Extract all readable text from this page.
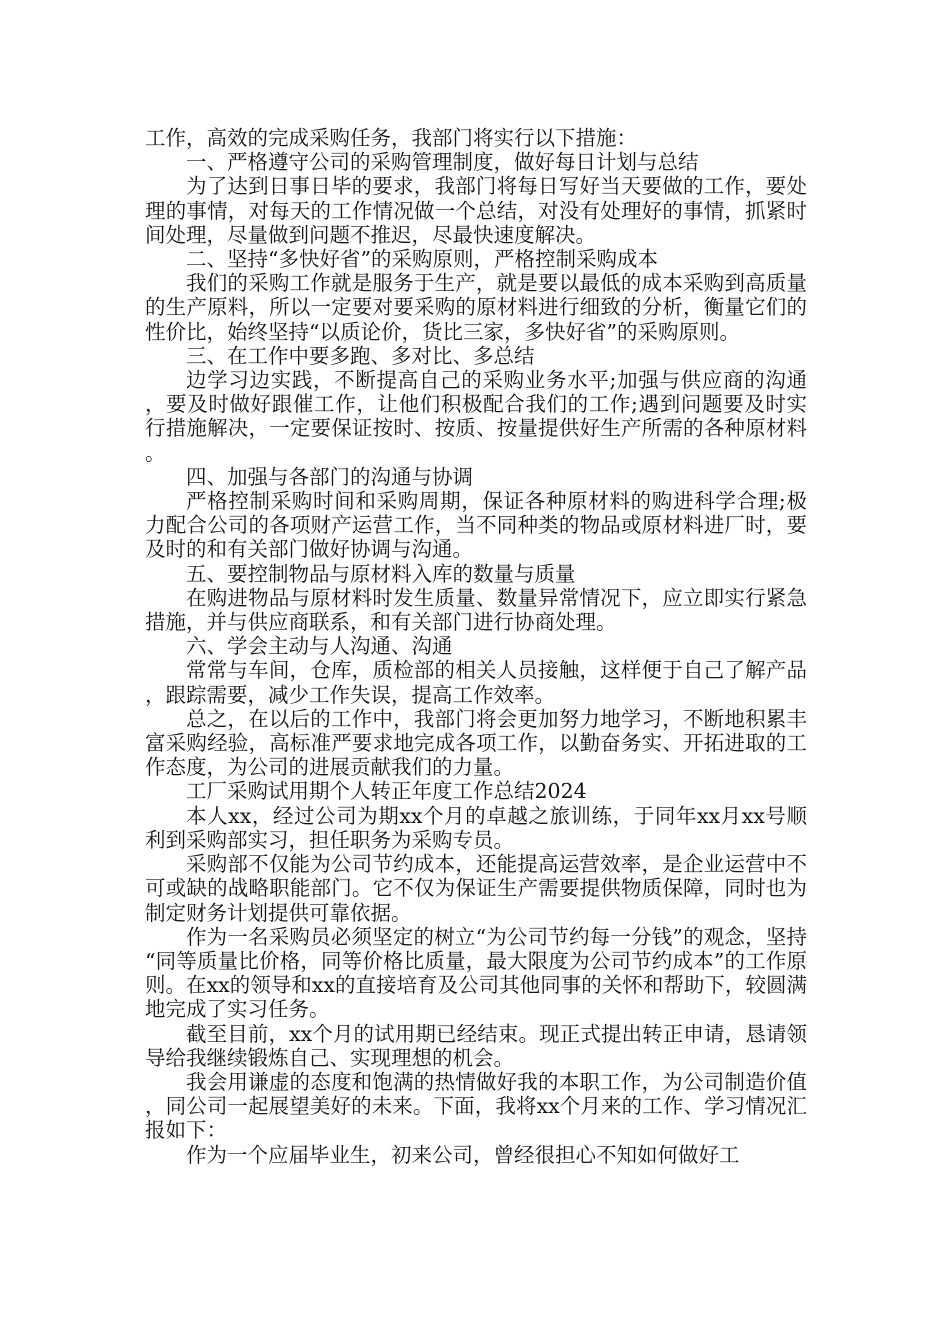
工作，高效的完成采购任务，我部门将实行以下措施：

一、严格遵守公司的采购管理制度，做好每日计划与总结

为了达到日事日毕的要求，我部门将每日写好当天要做的工作，要处理的事情，对每天的工作情况做一个总结，对没有处理好的事情，抓紧时间处理，尽量做到问题不推迟，尽最快速度解决。

二、坚持“多快好省”的采购原则，严格控制采购成本

我们的采购工作就是服务于生产，就是要以最低的成本采购到高质量的生产原料，所以一定要对要采购的原材料进行细致的分析，衡量它们的性价比，始终坚持“以质论价，货比三家，多快好省”的采购原则。

三、在工作中要多跑、多对比、多总结

边学习边实践，不断提高自己的采购业务水平;加强与供应商的沟通，要及时做好跟催工作，让他们积极配合我们的工作;遇到问题要及时实行措施解决，一定要保证按时、按质、按量提供好生产所需的各种原材料。

四、加强与各部门的沟通与协调

严格控制采购时间和采购周期，保证各种原材料的购进科学合理;极力配合公司的各项财产运营工作，当不同种类的物品或原材料进厂时，要及时的和有关部门做好协调与沟通。

五、要控制物品与原材料入库的数量与质量

在购进物品与原材料时发生质量、数量异常情况下，应立即实行紧急措施，并与供应商联系，和有关部门进行协商处理。

六、学会主动与人沟通、沟通

常常与车间，仓库，质检部的相关人员接触，这样便于自己了解产品，跟踪需要，减少工作失误，提高工作效率。

总之，在以后的工作中，我部门将会更加努力地学习，不断地积累丰富采购经验，高标准严要求地完成各项工作，以勤奋务实、开拓进取的工作态度，为公司的进展贡献我们的力量。

工厂采购试用期个人转正年度工作总结2024

本人xx，经过公司为期xx个月的卓越之旅训练，于同年xx月xx号顺利到采购部实习，担任职务为采购专员。

采购部不仅能为公司节约成本，还能提高运营效率，是企业运营中不可或缺的战略职能部门。它不仅为保证生产需要提供物质保障，同时也为制定财务计划提供可靠依据。

作为一名采购员必须坚定的树立“为公司节约每一分钱”的观念，坚持“同等质量比价格，同等价格比质量，最大限度为公司节约成本”的工作原则。在xx的领导和xx的直接培育及公司其他同事的关怀和帮助下，较圆满地完成了实习任务。

截至目前，xx个月的试用期已经结束。现正式提出转正申请，恳请领导给我继续锻炼自己、实现理想的机会。

我会用谦虚的态度和饱满的热情做好我的本职工作，为公司制造价值，同公司一起展望美好的未来。下面，我将xx个月来的工作、学习情况汇报如下：

作为一个应届毕业生，初来公司，曾经很担心不知如何做好工
